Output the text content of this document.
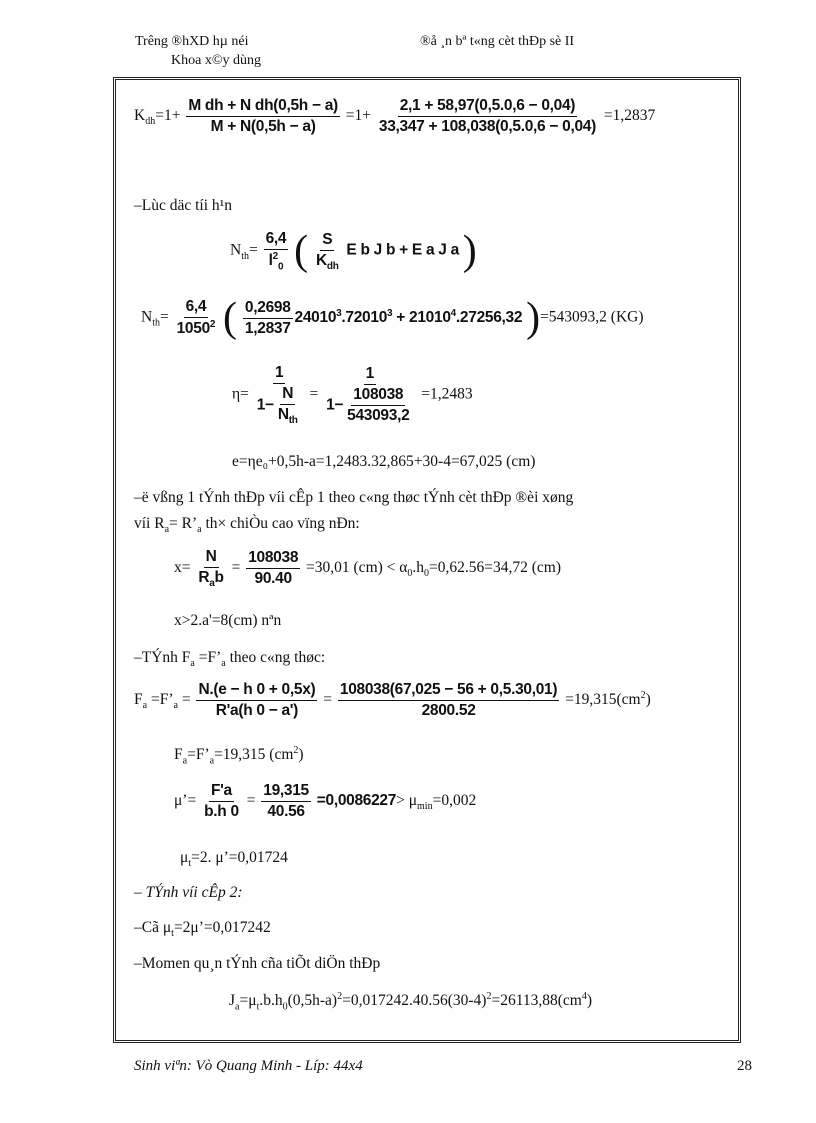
Trêng ®hXD hµ néi
Khoa x©y dùng
®å ¸n bª t«ng cèt thÐp sè II
$K_{dh}=1+ \frac{\text{M dh + N dh(0,5h − a)}}{M + N(0,5h - a)} =1+ \frac{2,1 + 58,97(0,5.0,6 - 0,04)}{33,347 + 108,038(0,5.0,6 - 0,04)} =1,2837$
–Lùc däc tíi h¹n
$N_{th}= \frac{6,4}{l^2_0}$ ( $\frac{S}{K_{dh}}$ E b J b + E a J a )
$N_{th}= \frac{6,4}{1050^2}$ ( $\frac{0,2698}{1,2837} 24010^3.72010^3 + 21010^4.27256,32$ )=543093,2 (KG)
$\eta= \frac{1}{1- \frac{N}{N_{th}}} = \frac{1}{1- \frac{108038}{543093,2}} =1,2483$
e=ηe₀+0,5h-a=1,2483.32,865+30-4=67,025 (cm)
–ë vßng 1 tÝnh thÐp víi cÊp 1 theo c«ng thøc tÝnh cèt thÐp ®èi xøng
víi $R_a=$ $R’_a$ th× chiÒu cao vïng nÐn:
$x= \frac{N}{R_ab} = \frac{108038}{90.40} =30,01$ $(cm) < \alpha_0.h_0=0,62.56=34,72$ (cm)
x>2.a'=8(cm) nªn
–TÝnh $F_a$ $=F’_a$ theo c«ng thøc:
$F_a$ $=F’_a = \frac{N.(e - h 0 + 0,5x)}{R'a(h 0 - a')} = \frac{108038(67,025 - 56 + 0,5.30,01)}{2800.52} =19,315(cm^2)$
$F_a=F’_a=19,315$ $(cm^2)$
μ’= $\frac{F'a}{b.h 0} = \frac{19,315}{40.56} =0,0086227> \mu_{min}=0,002$
$\mu_t=2$. μ’=0,01724
– TÝnh víi cÊp 2:
–Cã $\mu_t=2\mu’=0,017242$
–Momen qu¸n tÝnh cña tiÕt diÖn thÐp
$J_a=\mu_t.b.h_0(0,5h-a)^2=0,017242.40.56(30-4)^2=26113,88(cm^4)$
Sinh viªn: Vò Quang Minh - Líp: 44x4	28
